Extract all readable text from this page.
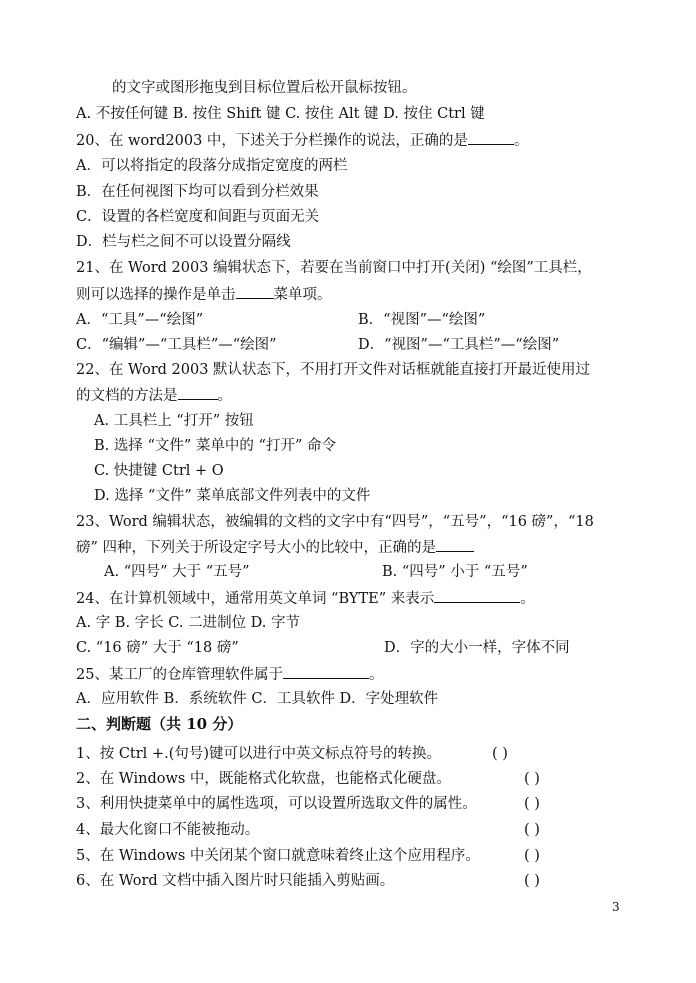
的文字或图形拖曳到目标位置后松开鼠标按钮。
A. 不按任何键 B. 按住 Shift 键 C. 按住 Alt 键 D. 按住 Ctrl 键
20、在 word2003 中，下述关于分栏操作的说法，正确的是	。
A．可以将指定的段落分成指定宽度的两栏
B．在任何视图下均可以看到分栏效果
C．设置的各栏宽度和间距与页面无关
D．栏与栏之间不可以设置分隔线
21、在 Word 2003 编辑状态下，若要在当前窗口中打开(关闭) “绘图”工具栏，
则可以选择的操作是单击	菜单项。
A．“工具”—“绘图”	B．“视图”—“绘图”
C．“编辑”—“工具栏”—“绘图”	D．“视图”—“工具栏”—“绘图”
22、在 Word 2003 默认状态下，不用打开文件对话框就能直接打开最近使用过
的文档的方法是	。
A. 工具栏上 “打开” 按钮
B. 选择 “文件” 菜单中的 “打开” 命令
C. 快捷键 Ctrl + O
D. 选择 “文件” 菜单底部文件列表中的文件
23、Word 编辑状态，被编辑的文档的文字中有“四号”，“五号”，“16 磅”，“18
磅” 四种，下列关于所设定字号大小的比较中，正确的是
A. “四号” 大于 “五号”	B. “四号” 小于 “五号”
24、在计算机领域中，通常用英文单词 “BYTE” 来表示	。
A. 字 B. 字长 C. 二进制位 D. 字节
C. “16 磅” 大于 “18 磅”	D．字的大小一样，字体不同
25、某工厂的仓库管理软件属于	。
A．应用软件 B．系统软件 C．工具软件 D．字处理软件
二、判断题（共 10 分）
1、按 Ctrl +.(句号)键可以进行中英文标点符号的转换。	( )
2、在 Windows 中，既能格式化软盘，也能格式化硬盘。	( )
3、利用快捷菜单中的属性选项，可以设置所选取文件的属性。	( )
4、最大化窗口不能被拖动。	( )
5、在 Windows 中关闭某个窗口就意味着终止这个应用程序。	( )
6、在 Word 文档中插入图片时只能插入剪贴画。	( )
3
